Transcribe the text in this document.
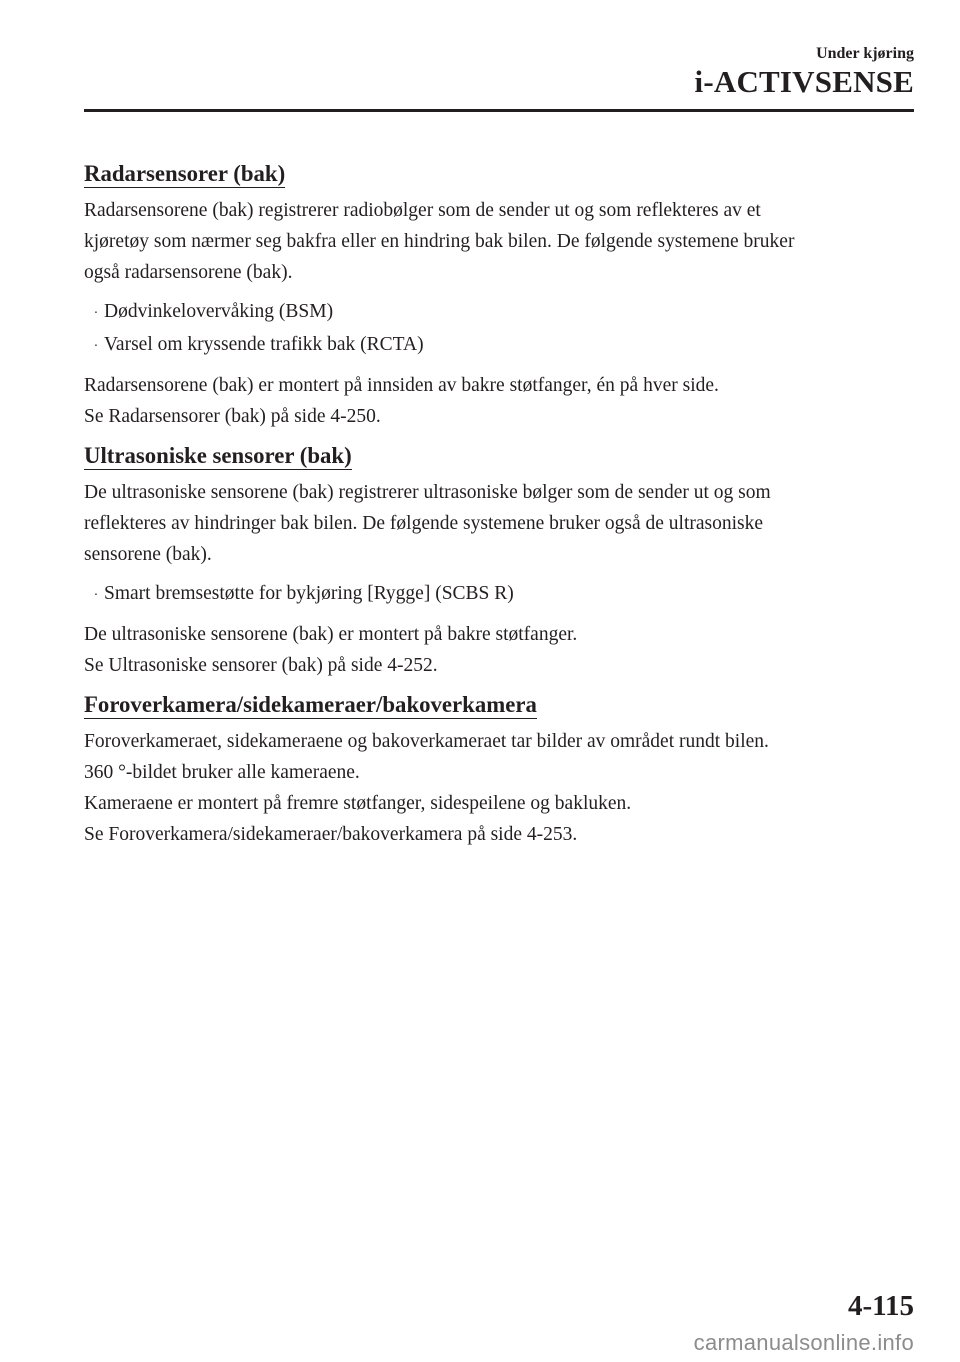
Under kjøring
i-ACTIVSENSE
Radarsensorer (bak)
Radarsensorene (bak) registrerer radiobølger som de sender ut og som reflekteres av et
kjøretøy som nærmer seg bakfra eller en hindring bak bilen. De følgende systemene bruker
også radarsensorene (bak).
· Dødvinkelovervåking (BSM)
· Varsel om kryssende trafikk bak (RCTA)
Radarsensorene (bak) er montert på innsiden av bakre støtfanger, én på hver side.
Se Radarsensorer (bak) på side 4-250.
Ultrasoniske sensorer (bak)
De ultrasoniske sensorene (bak) registrerer ultrasoniske bølger som de sender ut og som
reflekteres av hindringer bak bilen. De følgende systemene bruker også de ultrasoniske
sensorene (bak).
· Smart bremsestøtte for bykjøring [Rygge] (SCBS R)
De ultrasoniske sensorene (bak) er montert på bakre støtfanger.
Se Ultrasoniske sensorer (bak) på side 4-252.
Foroverkamera/sidekameraer/bakoverkamera
Foroverkameraet, sidekameraene og bakoverkameraet tar bilder av området rundt bilen.
360 °-bildet bruker alle kameraene.
Kameraene er montert på fremre støtfanger, sidespeilene og bakluken.
Se Foroverkamera/sidekameraer/bakoverkamera på side 4-253.
4-115
carmanualsonline.info
